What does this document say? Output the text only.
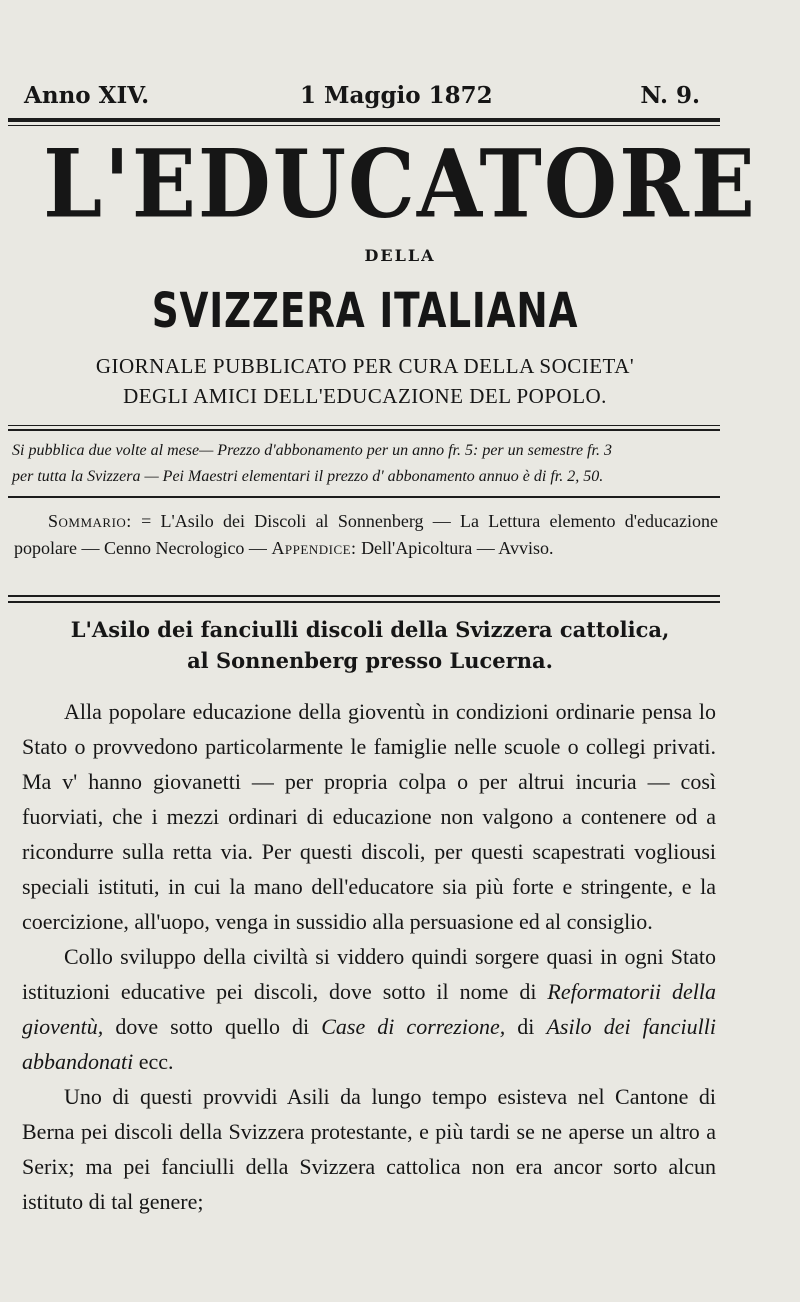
Anno XIV.	1 Maggio 1872	N. 9.
L'EDUCATORE
DELLA
SVIZZERA ITALIANA
GIORNALE PUBBLICATO PER CURA DELLA SOCIETA'
DEGLI AMICI DELL'EDUCAZIONE DEL POPOLO.
Si pubblica due volte al mese— Prezzo d'abbonamento per un anno fr. 5: per un semestre fr. 3
per tutta la Svizzera — Pei Maestri elementari il prezzo d' abbonamento annuo è di fr. 2, 50.
Sommario: = L'Asilo dei Discoli al Sonnenberg — La Lettura elemento d'educazione popolare — Cenno Necrologico — Appendice: Dell'Apicoltura — Avviso.
L'Asilo dei fanciulli discoli della Svizzera cattolica,
al Sonnenberg presso Lucerna.

Alla popolare educazione della gioventù in condizioni ordinarie pensa lo Stato o provvedono particolarmente le famiglie nelle scuole o collegi privati. Ma v' hanno giovanetti — per propria colpa o per altrui incuria — così fuorviati, che i mezzi ordinari di educazione non valgono a contenere od a ricondurre sulla retta via. Per questi discoli, per questi scapestrati vogliousi speciali istituti, in cui la mano dell'educatore sia più forte e stringente, e la coercizione, all'uopo, venga in sussidio alla persuasione ed al consiglio.

Collo sviluppo della civiltà si viddero quindi sorgere quasi in ogni Stato istituzioni educative pei discoli, dove sotto il nome di Reformatorii della gioventù, dove sotto quello di Case di correzione, di Asilo dei fanciulli abbandonati ecc.

Uno di questi provvidi Asili da lungo tempo esisteva nel Cantone di Berna pei discoli della Svizzera protestante, e più tardi se ne aperse un altro a Serix; ma pei fanciulli della Svizzera cattolica non era ancor sorto alcun istituto di tal genere;
